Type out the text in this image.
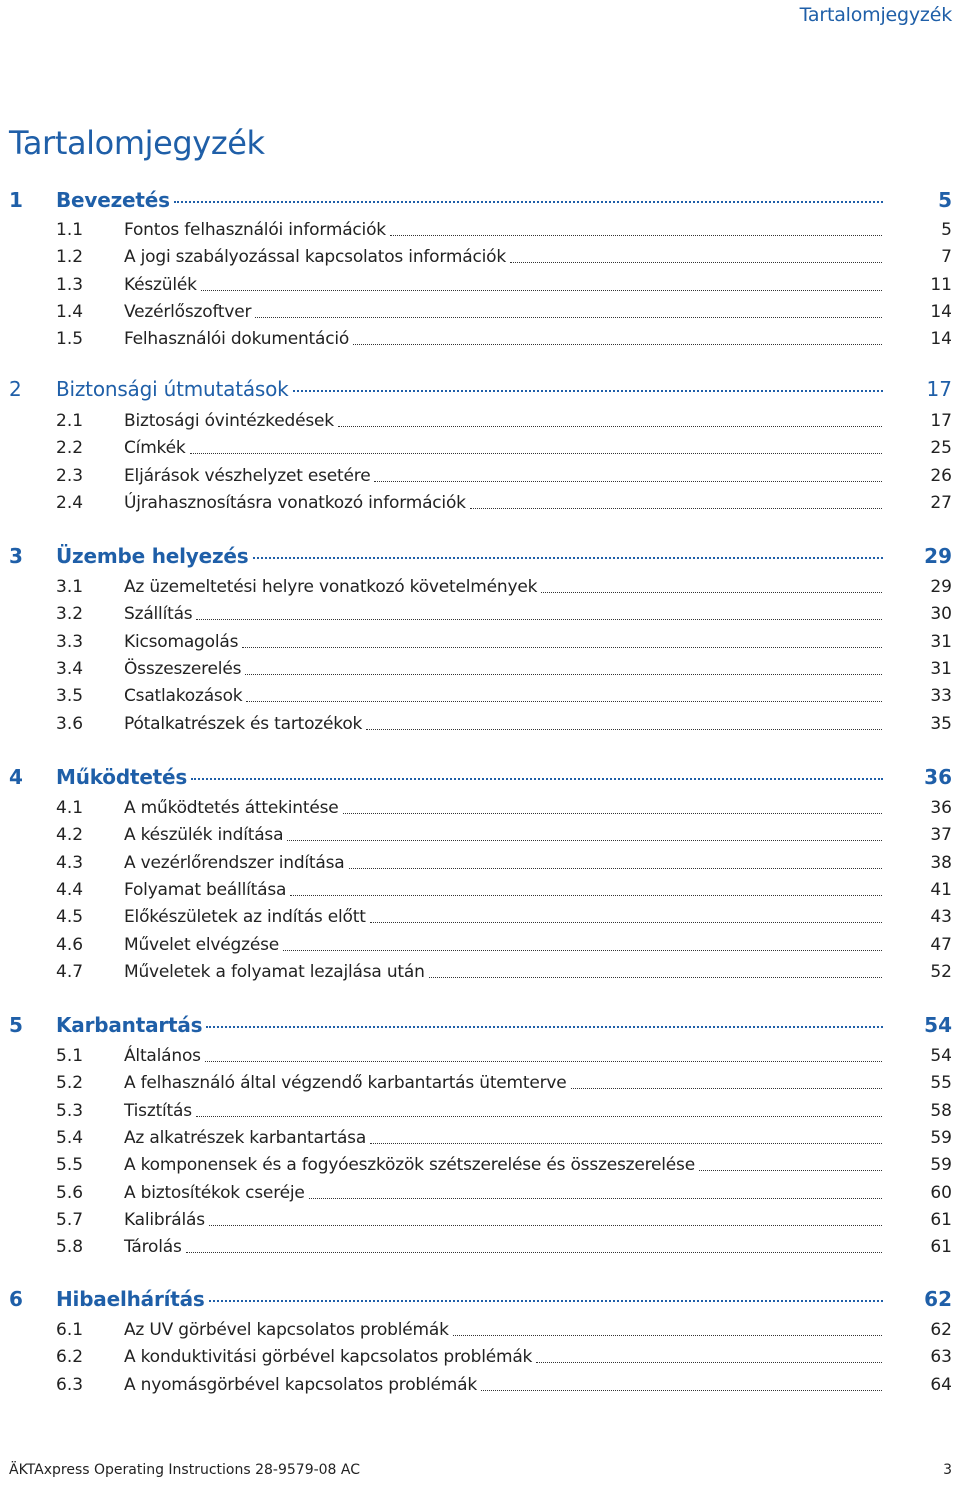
Tartalomjegyzék
Tartalomjegyzék
1 Bevezetés	5
1.1 Fontos felhasználói információk	5
1.2 A jogi szabályozással kapcsolatos információk	7
1.3 Készülék	11
1.4 Vezérlőszoftver	14
1.5 Felhasználói dokumentáció	14
2 Biztonsági útmutatások	17
2.1 Biztosági óvintézkedések	17
2.2 Címkék	25
2.3 Eljárások vészhelyzet esetére	26
2.4 Újrahasznosításra vonatkozó információk	27
3 Üzembe helyezés	29
3.1 Az üzemeltetési helyre vonatkozó követelmények	29
3.2 Szállítás	30
3.3 Kicsomagolás	31
3.4 Összeszerelés	31
3.5 Csatlakozások	33
3.6 Pótalkatrészek és tartozékok	35
4 Működtetés	36
4.1 A működtetés áttekintése	36
4.2 A készülék indítása	37
4.3 A vezérlőrendszer indítása	38
4.4 Folyamat beállítása	41
4.5 Előkészületek az indítás előtt	43
4.6 Művelet elvégzése	47
4.7 Műveletek a folyamat lezajlása után	52
5 Karbantartás	54
5.1 Általános	54
5.2 A felhasználó által végzendő karbantartás ütemterve	55
5.3 Tisztítás	58
5.4 Az alkatrészek karbantartása	59
5.5 A komponensek és a fogyóeszközök szétszerelése és összeszerelése	59
5.6 A biztosítékok cseréje	60
5.7 Kalibrálás	61
5.8 Tárolás	61
6 Hibaelhárítás	62
6.1 Az UV görbével kapcsolatos problémák	62
6.2 A konduktivitási görbével kapcsolatos problémák	63
6.3 A nyomásgörbével kapcsolatos problémák	64
ÄKTAxpress Operating Instructions 28-9579-08 AC	3
